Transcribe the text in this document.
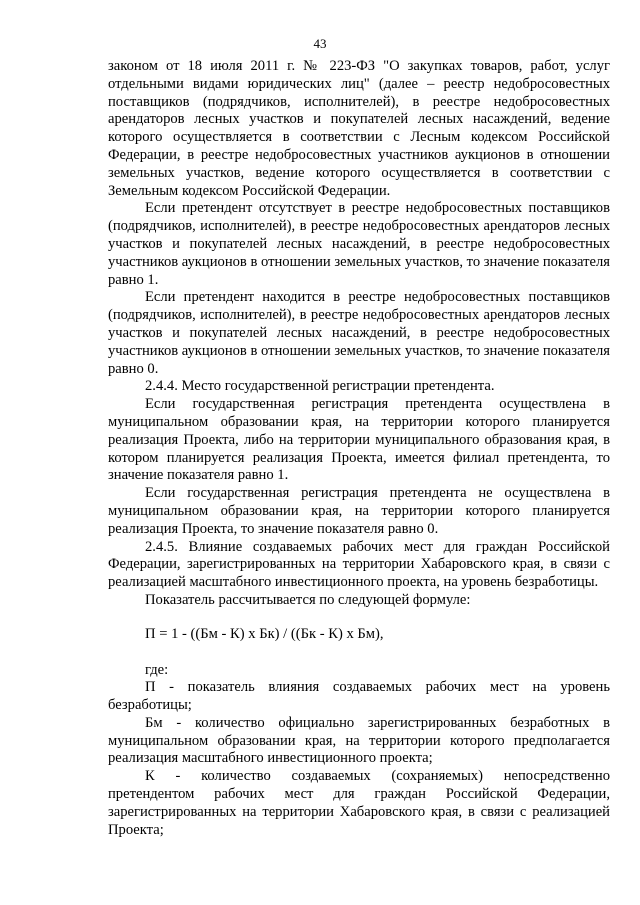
43

законом от 18 июля 2011 г. № 223-ФЗ "О закупках товаров, работ, услуг отдельными видами юридических лиц" (далее – реестр недобросовестных поставщиков (подрядчиков, исполнителей), в реестре недобросовестных арендаторов лесных участков и покупателей лесных насаждений, ведение которого осуществляется в соответствии с Лесным кодексом Российской Федерации, в реестре недобросовестных участников аукционов в отношении земельных участков, ведение которого осуществляется в соответствии с Земельным кодексом Российской Федерации.

Если претендент отсутствует в реестре недобросовестных поставщиков (подрядчиков, исполнителей), в реестре недобросовестных арендаторов лесных участков и покупателей лесных насаждений, в реестре недобросовестных участников аукционов в отношении земельных участков, то значение показателя равно 1.

Если претендент находится в реестре недобросовестных поставщиков (подрядчиков, исполнителей), в реестре недобросовестных арендаторов лесных участков и покупателей лесных насаждений, в реестре недобросовестных участников аукционов в отношении земельных участков, то значение показателя равно 0.

2.4.4. Место государственной регистрации претендента.

Если государственная регистрация претендента осуществлена в муниципальном образовании края, на территории которого планируется реализация Проекта, либо на территории муниципального образования края, в котором планируется реализация Проекта, имеется филиал претендента, то значение показателя равно 1.

Если государственная регистрация претендента не осуществлена в муниципальном образовании края, на территории которого планируется реализация Проекта, то значение показателя равно 0.

2.4.5. Влияние создаваемых рабочих мест для граждан Российской Федерации, зарегистрированных на территории Хабаровского края, в связи с реализацией масштабного инвестиционного проекта, на уровень безработицы.

Показатель рассчитывается по следующей формуле:

П = 1 - ((Бм - К) х Бк) / ((Бк - К) х Бм),

где:

П - показатель влияния создаваемых рабочих мест на уровень безработицы;

Бм - количество официально зарегистрированных безработных в муниципальном образовании края, на территории которого предполагается реализация масштабного инвестиционного проекта;

К - количество создаваемых (сохраняемых) непосредственно претендентом рабочих мест для граждан Российской Федерации, зарегистрированных на территории Хабаровского края, в связи с реализацией Проекта;
